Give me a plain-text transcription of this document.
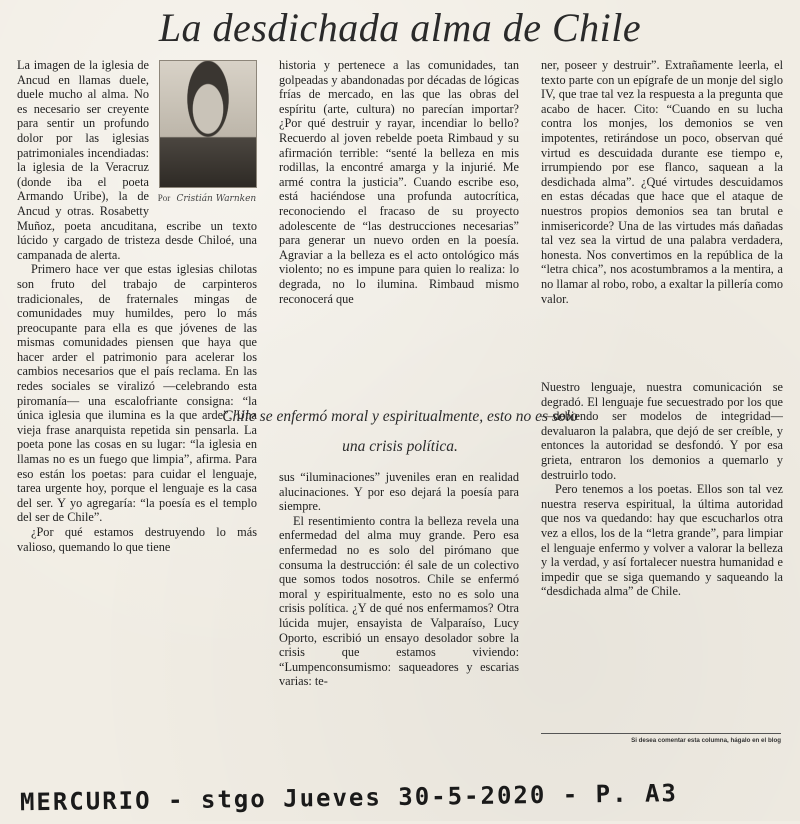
La desdichada alma de Chile
Por Cristián Warnken

La imagen de la iglesia de Ancud en llamas duele, duele mucho al alma. No es necesario ser creyente para sentir un profundo dolor por las iglesias patrimoniales incendiadas: la iglesia de la Veracruz (donde iba el poeta Armando Uribe), la de Ancud y otras. Rosabetty Muñoz, poeta ancuditana, escribe un texto lúcido y cargado de tristeza desde Chiloé, una campanada de alerta.

Primero hace ver que estas iglesias chilotas son fruto del trabajo de carpinteros tradicionales, de fraternales mingas de comunidades muy humildes, pero lo más preocupante para ella es que jóvenes de las mismas comunidades piensen que haya que hacer arder el patrimonio para acelerar los cambios necesarios que el país reclama. En las redes sociales se viralizó —celebrando esta piromanía— una escalofriante consigna: “la única iglesia que ilumina es la que arde”. Una vieja frase anarquista repetida sin pensarla. La poeta pone las cosas en su lugar: “la iglesia en llamas no es un fuego que limpia”, afirma. Para eso están los poetas: para cuidar el lenguaje, tarea urgente hoy, porque el lenguaje es la casa del ser. Y yo agregaría: “la poesía es el templo del ser de Chile”.

¿Por qué estamos destruyendo lo más valioso, quemando lo que tiene

historia y pertenece a las comunidades, tan golpeadas y abandonadas por décadas de lógicas frías de mercado, en las que las obras del espíritu (arte, cultura) no parecían importar? ¿Por qué destruir y rayar, incendiar lo bello? Recuerdo al joven rebelde poeta Rimbaud y su afirmación terrible: “senté la belleza en mis rodillas, la encontré amarga y la injurié. Me armé contra la justicia”. Cuando escribe eso, está haciéndose una profunda autocrítica, reconociendo el fracaso de su proyecto adolescente de “las destrucciones necesarias” para generar un nuevo orden en la poesía. Agraviar a la belleza es el acto ontológico más violento; no es impune para quien lo realiza: lo degrada, no lo ilumina. Rimbaud mismo reconocerá que

Chile se enfermó moral y espiritualmente, esto no es solo una crisis política.

sus “iluminaciones” juveniles eran en realidad alucinaciones. Y por eso dejará la poesía para siempre.

El resentimiento contra la belleza revela una enfermedad del alma muy grande. Pero esa enfermedad no es solo del pirómano que consuma la destrucción: él sale de un colectivo que somos todos nosotros. Chile se enfermó moral y espiritualmente, esto no es solo una crisis política. ¿Y de qué nos enfermamos? Otra lúcida mujer, ensayista de Valparaíso, Lucy Oporto, escribió un ensayo desolador sobre la crisis que estamos viviendo: “Lumpenconsumismo: saqueadores y escarias varias: te-

ner, poseer y destruir”. Extrañamente leerla, el texto parte con un epígrafe de un monje del siglo IV, que trae tal vez la respuesta a la pregunta que acabo de hacer. Cito: “Cuando en su lucha contra los monjes, los demonios se ven impotentes, retirándose un poco, observan qué virtud es descuidada durante ese tiempo e, irrumpiendo por ese flanco, saquean a la desdichada alma”. ¿Qué virtudes descuidamos en estas décadas que hace que el ataque de nuestros propios demonios sea tan brutal e inmisericorde? Una de las virtudes más dañadas tal vez sea la virtud de una palabra verdadera, honesta. Nos convertimos en la república de la “letra chica”, nos acostumbramos a la mentira, a no llamar al robo, robo, a exaltar la pillería como valor.

Nuestro lenguaje, nuestra comunicación se degradó. El lenguaje fue secuestrado por los que —debiendo ser modelos de integridad— devaluaron la palabra, que dejó de ser creíble, y entonces la autoridad se desfondó. Y por esa grieta, entraron los demonios a quemarlo y destruirlo todo.

Pero tenemos a los poetas. Ellos son tal vez nuestra reserva espiritual, la última autoridad que nos va quedando: hay que escucharlos otra vez a ellos, los de la “letra grande”, para limpiar el lenguaje enfermo y volver a valorar la belleza y la verdad, y así fortalecer nuestra humanidad e impedir que se siga quemando y saqueando la “desdichada alma” de Chile.

Si desea comentar esta columna, hágalo en el blog
MERCURIO - stgo Jueves 30-5-2020 - P. A3
